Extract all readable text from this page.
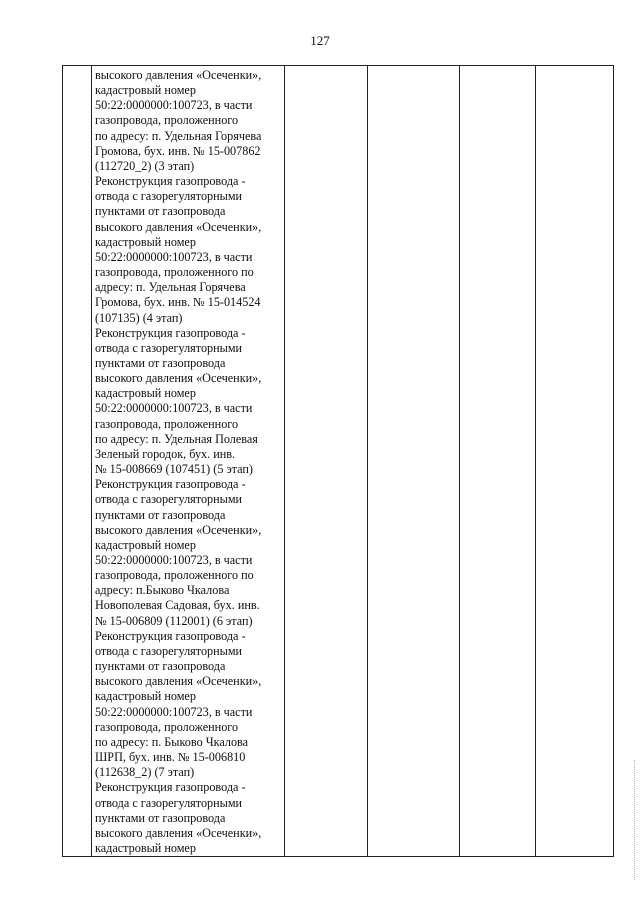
127

высокого давления «Осеченки»,
кадастровый номер
50:22:0000000:100723, в части
газопровода, проложенного
по адресу: п. Удельная Горячева
Громова, бух. инв. № 15-007862
(112720_2) (3 этап)
Реконструкция газопровода -
отвода с газорегуляторными
пунктами от газопровода
высокого давления «Осеченки»,
кадастровый номер
50:22:0000000:100723, в части
газопровода, проложенного по
адресу: п. Удельная Горячева
Громова, бух. инв. № 15-014524
(107135) (4 этап)
Реконструкция газопровода -
отвода с газорегуляторными
пунктами от газопровода
высокого давления «Осеченки»,
кадастровый номер
50:22:0000000:100723, в части
газопровода, проложенного
по адресу: п. Удельная Полевая
Зеленый городок, бух. инв.
№ 15-008669 (107451) (5 этап)
Реконструкция газопровода -
отвода с газорегуляторными
пунктами от газопровода
высокого давления «Осеченки»,
кадастровый номер
50:22:0000000:100723, в части
газопровода, проложенного по
адресу: п.Быково Чкалова
Новополевая Садовая, бух. инв.
№ 15-006809 (112001) (6 этап)
Реконструкция газопровода -
отвода с газорегуляторными
пунктами от газопровода
высокого давления «Осеченки»,
кадастровый номер
50:22:0000000:100723, в части
газопровода, проложенного
по адресу: п. Быково Чкалова
ШРП, бух. инв. № 15-006810
(112638_2) (7 этап)
Реконструкция газопровода -
отвода с газорегуляторными
пунктами от газопровода
высокого давления «Осеченки»,
кадастровый номер
